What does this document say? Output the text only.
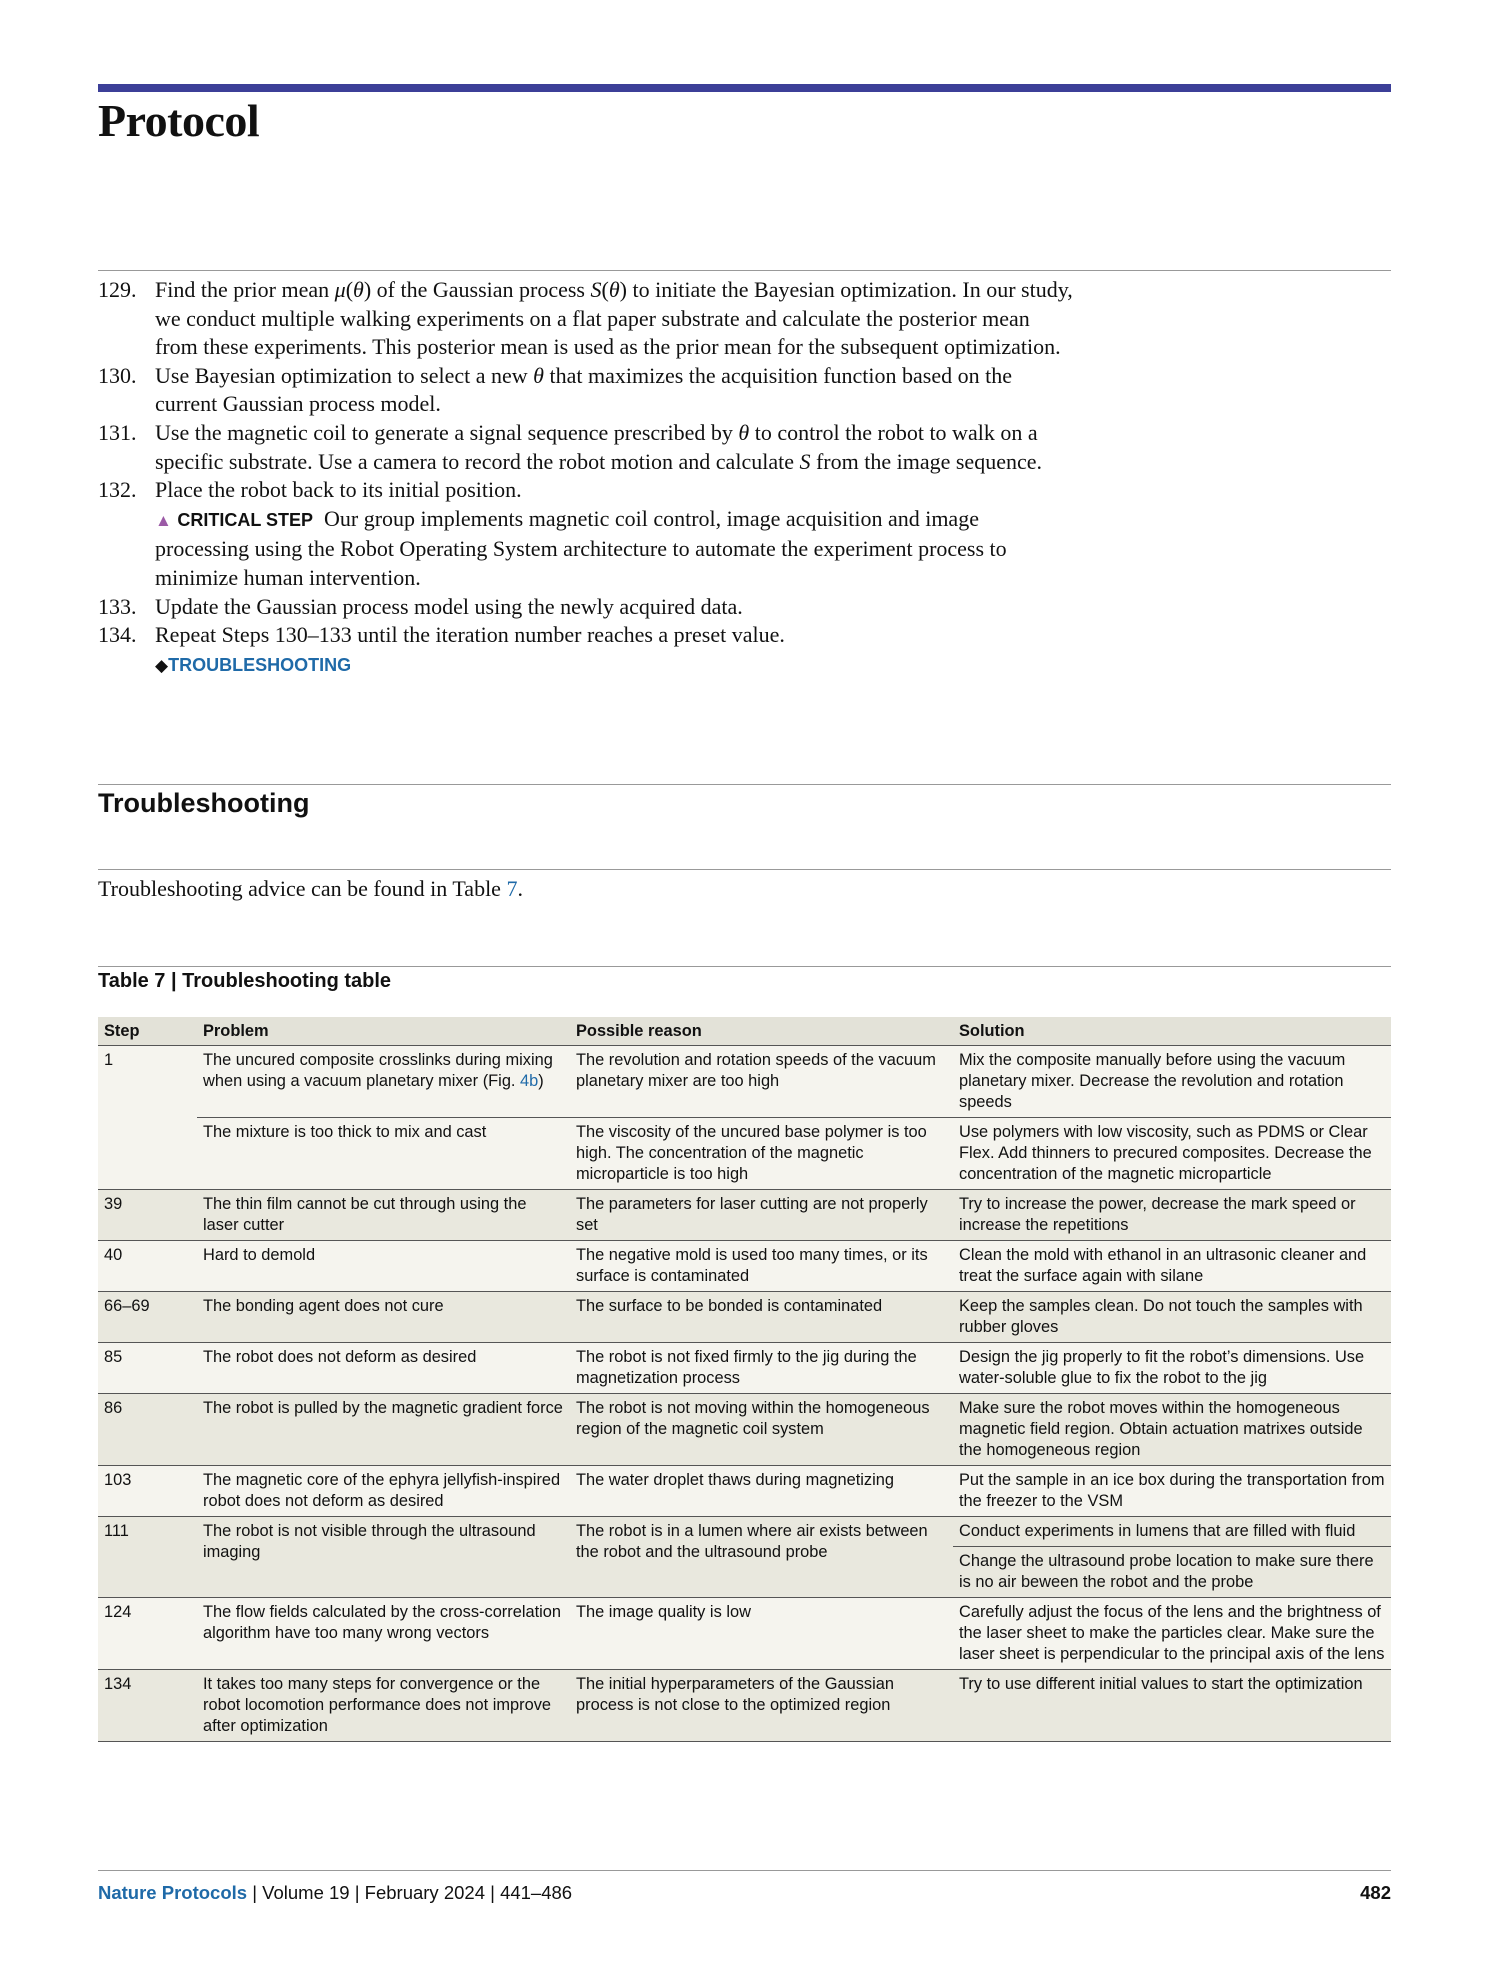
Protocol
129. Find the prior mean μ(θ) of the Gaussian process S(θ) to initiate the Bayesian optimization. In our study, we conduct multiple walking experiments on a flat paper substrate and calculate the posterior mean from these experiments. This posterior mean is used as the prior mean for the subsequent optimization.
130. Use Bayesian optimization to select a new θ that maximizes the acquisition function based on the current Gaussian process model.
131. Use the magnetic coil to generate a signal sequence prescribed by θ to control the robot to walk on a specific substrate. Use a camera to record the robot motion and calculate S from the image sequence.
132. Place the robot back to its initial position.
▲ CRITICAL STEP Our group implements magnetic coil control, image acquisition and image processing using the Robot Operating System architecture to automate the experiment process to minimize human intervention.
133. Update the Gaussian process model using the newly acquired data.
134. Repeat Steps 130–133 until the iteration number reaches a preset value.
◆TROUBLESHOOTING
Troubleshooting
Troubleshooting advice can be found in Table 7.
Table 7 | Troubleshooting table
Step	Problem	Possible reason	Solution
1	The uncured composite crosslinks during mixing when using a vacuum planetary mixer (Fig. 4b)	The revolution and rotation speeds of the vacuum planetary mixer are too high	Mix the composite manually before using the vacuum planetary mixer. Decrease the revolution and rotation speeds
	The mixture is too thick to mix and cast	The viscosity of the uncured base polymer is too high. The concentration of the magnetic microparticle is too high	Use polymers with low viscosity, such as PDMS or Clear Flex. Add thinners to precured composites. Decrease the concentration of the magnetic microparticle
39	The thin film cannot be cut through using the laser cutter	The parameters for laser cutting are not properly set	Try to increase the power, decrease the mark speed or increase the repetitions
40	Hard to demold	The negative mold is used too many times, or its surface is contaminated	Clean the mold with ethanol in an ultrasonic cleaner and treat the surface again with silane
66–69	The bonding agent does not cure	The surface to be bonded is contaminated	Keep the samples clean. Do not touch the samples with rubber gloves
85	The robot does not deform as desired	The robot is not fixed firmly to the jig during the magnetization process	Design the jig properly to fit the robot’s dimensions. Use water-soluble glue to fix the robot to the jig
86	The robot is pulled by the magnetic gradient force	The robot is not moving within the homogeneous region of the magnetic coil system	Make sure the robot moves within the homogeneous magnetic field region. Obtain actuation matrixes outside the homogeneous region
103	The magnetic core of the ephyra jellyfish-inspired robot does not deform as desired	The water droplet thaws during magnetizing	Put the sample in an ice box during the transportation from the freezer to the VSM
111	The robot is not visible through the ultrasound imaging	The robot is in a lumen where air exists between the robot and the ultrasound probe	Conduct experiments in lumens that are filled with fluid
			Change the ultrasound probe location to make sure there is no air beween the robot and the probe
124	The flow fields calculated by the cross-correlation algorithm have too many wrong vectors	The image quality is low	Carefully adjust the focus of the lens and the brightness of the laser sheet to make the particles clear. Make sure the laser sheet is perpendicular to the principal axis of the lens
134	It takes too many steps for convergence or the robot locomotion performance does not improve after optimization	The initial hyperparameters of the Gaussian process is not close to the optimized region	Try to use different initial values to start the optimization
Nature Protocols | Volume 19 | February 2024 | 441–486	482
